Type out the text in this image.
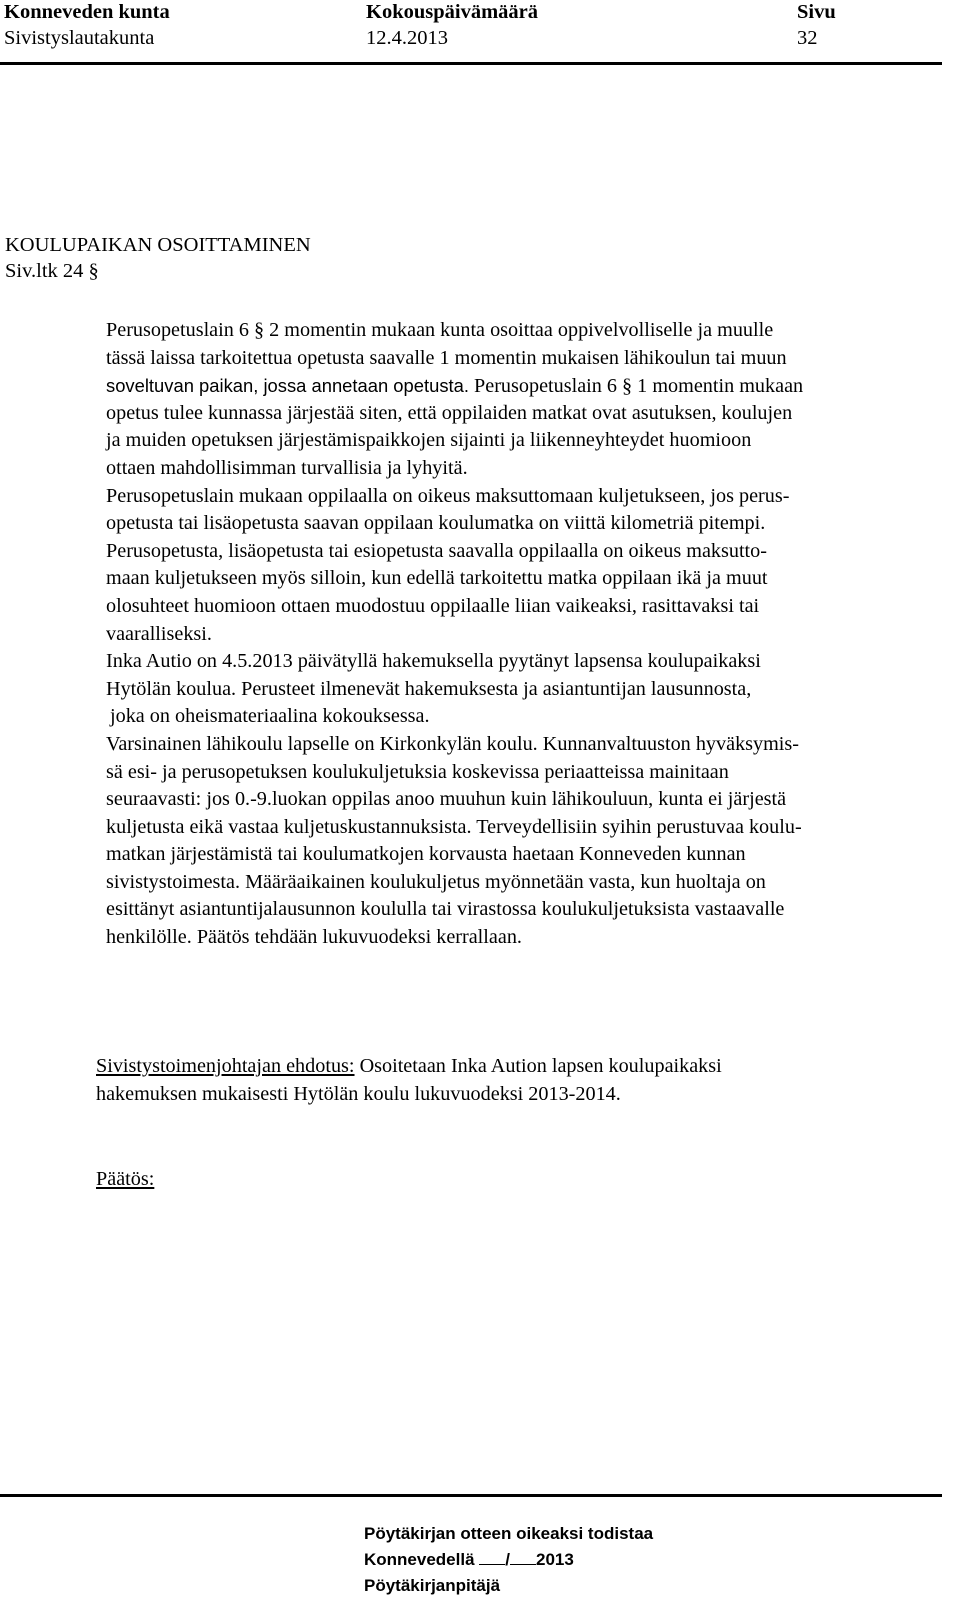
Konneveden kunta
Sivistyslautakunta
Kokouspäivämäärä
12.4.2013
Sivu
32
KOULUPAIKAN OSOITTAMINEN
Siv.ltk 24 §
Perusopetuslain 6 § 2 momentin mukaan kunta osoittaa oppivelvolliselle ja muulle
tässä laissa tarkoitettua opetusta saavalle 1 momentin mukaisen lähikoulun tai muun
soveltuvan paikan, jossa annetaan opetusta. Perusopetuslain 6 § 1 momentin mukaan
opetus tulee kunnassa järjestää siten, että oppilaiden matkat ovat asutuksen, koulujen
ja muiden opetuksen järjestämispaikkojen sijainti ja liikenneyhteydet huomioon
ottaen mahdollisimman turvallisia ja lyhyitä.
Perusopetuslain mukaan oppilaalla on oikeus maksuttomaan kuljetukseen, jos perus-
opetusta tai lisäopetusta saavan oppilaan koulumatka on viittä kilometriä pitempi.
Perusopetusta, lisäopetusta tai esiopetusta saavalla oppilaalla on oikeus maksutto-
maan kuljetukseen myös silloin, kun edellä tarkoitettu matka oppilaan ikä ja muut
olosuhteet huomioon ottaen muodostuu oppilaalle liian vaikeaksi, rasittavaksi tai
vaaralliseksi.
Inka Autio on 4.5.2013 päivätyllä hakemuksella pyytänyt lapsensa koulupaikaksi
Hytölän koulua. Perusteet ilmenevät hakemuksesta ja asiantuntijan lausunnosta,
joka on oheismateriaalina kokouksessa.
Varsinainen lähikoulu lapselle on Kirkonkylän koulu. Kunnanvaltuuston hyväksymis-
sä esi- ja perusopetuksen koulukuljetuksia koskevissa periaatteissa mainitaan
seuraavasti: jos 0.-9.luokan oppilas anoo muuhun kuin lähikouluun, kunta ei järjestä
kuljetusta eikä vastaa kuljetuskustannuksista. Terveydellisiin syihin perustuvaa koulu-
matkan järjestämistä tai koulumatkojen korvausta haetaan Konneveden kunnan
sivistystoimesta. Määräaikainen koulukuljetus myönnetään vasta, kun huoltaja on
esittänyt asiantuntijalausunnon koululla tai virastossa koulukuljetuksista vastaavalle
henkilölle. Päätös tehdään lukuvuodeksi kerrallaan.
Sivistystoimenjohtajan ehdotus: Osoitetaan Inka Aution lapsen koulupaikaksi
hakemuksen mukaisesti Hytölän koulu lukuvuodeksi 2013-2014.
Päätös:
Pöytäkirjan otteen oikeaksi todistaa
Konnevedellä / 2013
Pöytäkirjanpitäjä
